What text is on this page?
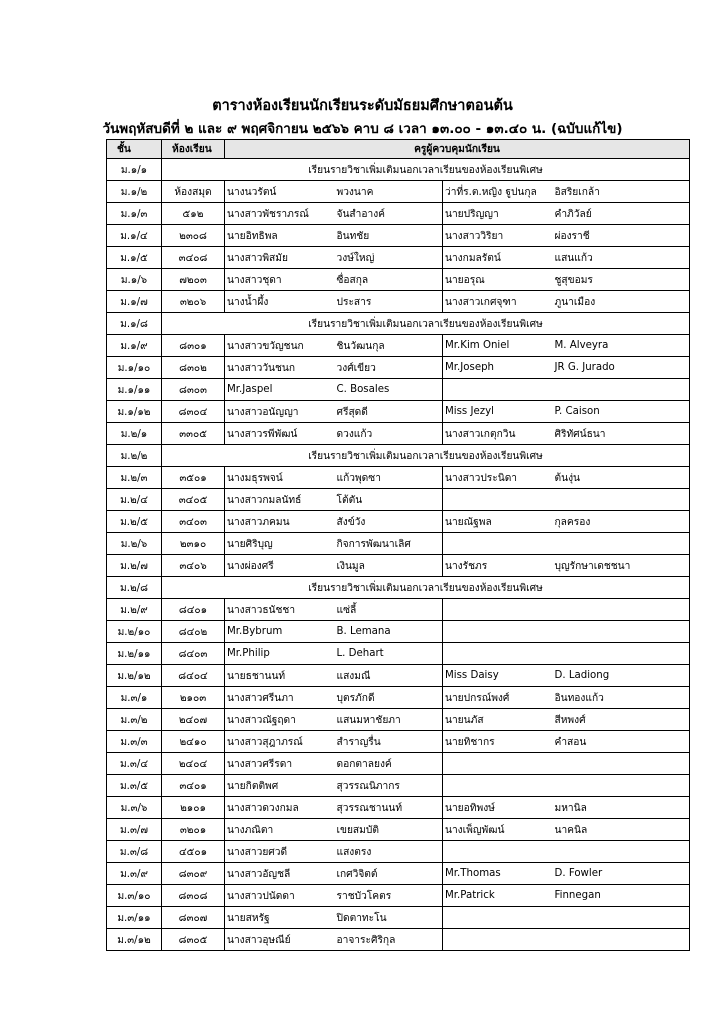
ตารางห้องเรียนนักเรียนระดับมัธยมศึกษาตอนต้น
วันพฤหัสบดีที่ ๒ และ ๙ พฤศจิกายน ๒๕๖๖ คาบ ๘ เวลา ๑๓.๐๐ - ๑๓.๔๐ น. (ฉบับแก้ไข)
ชั้น	ห้องเรียน	ครูผู้ควบคุมนักเรียน			
ม.๑/๑	เรียนรายวิชาเพิ่มเติมนอกเวลาเรียนของห้องเรียนพิเศษ				
ม.๑/๒	ห้องสมุด	นางนวรัตน์	พวงนาค	ว่าที่ร.ต.หญิง ฐูปนกุล	อิสริยเกล้า
ม.๑/๓	๕๑๒	นางสาวพัชราภรณ์	จันสำอางค์	นายปริญญา	คำภิวัลย์
ม.๑/๔	๒๓๐๘	นายอิทธิพล	อินทชัย	นางสาววิริยา	ผ่องราชี
ม.๑/๕	๓๔๐๘	นางสาวพิสมัย	วงษ์ใหญ่	นางกมลรัตน์	แสนแก้ว
ม.๑/๖	๗๒๐๓	นางสาวชุดา	ซื่อสกุล	นายอรุณ	ชูสุขอมร
ม.๑/๗	๓๒๐๖	นางน้ำผึ้ง	ประสาร	นางสาวเกศจุฑา	ภูนาเมือง
ม.๑/๘	เรียนรายวิชาเพิ่มเติมนอกเวลาเรียนของห้องเรียนพิเศษ				
ม.๑/๙	๘๓๐๑	นางสาวขวัญชนก	ชินวัฒนกุล	Mr.Kim Oniel	M. Alveyra
ม.๑/๑๐	๘๓๐๒	นางสาววันชนก	วงศ์เขียว	Mr.Joseph	JR G. Jurado
ม.๑/๑๑	๘๓๐๓	Mr.Jaspel	C. Bosales		
ม.๑/๑๒	๘๓๐๔	นางสาวอนัญญา	ศรีสุดดี	Miss Jezyl	P. Caison
ม.๒/๑	๓๓๐๕	นางสาวรพีพัฒน์	ดวงแก้ว	นางสาวเกตุกวิน	ศิริทัศน์ธนา
ม.๒/๒	เรียนรายวิชาเพิ่มเติมนอกเวลาเรียนของห้องเรียนพิเศษ				
ม.๒/๓	๓๕๐๑	นางมธุรพจน์	แก้วพุดซา	นางสาวประนิดา	ต้นงุ่น
ม.๒/๔	๓๔๐๕	นางสาวกมลนัทธ์	โต้ตัน		
ม.๒/๕	๓๔๐๓	นางสาวภคมน	สังข์วัง	นายณัฐพล	กุลครอง
ม.๒/๖	๒๓๑๐	นายศิริบุญ	กิจการพัฒนาเลิศ		
ม.๒/๗	๓๔๐๖	นางผ่องศรี	เงินมูล	นางรัชภร	บุญรักษาเดชชนา
ม.๒/๘	เรียนรายวิชาเพิ่มเติมนอกเวลาเรียนของห้องเรียนพิเศษ				
ม.๒/๙	๘๔๐๑	นางสาวธนัชชา	แซ่ลี้		
ม.๒/๑๐	๘๔๐๒	Mr.Bybrum	B. Lemana		
ม.๒/๑๑	๘๔๐๓	Mr.Philip	L. Dehart		
ม.๒/๑๒	๘๔๐๔	นายธชานนท์	แสงมณี	Miss Daisy	D. Ladiong
ม.๓/๑	๒๑๐๓	นางสาวศรีนภา	บุตรภักดี	นายปกรณ์พงศ์	อินทองแก้ว
ม.๓/๒	๒๔๐๗	นางสาวณัฐฤดา	แสนมหาชัยภา	นายนภัส	สีหพงศ์
ม.๓/๓	๒๔๑๐	นางสาวสุฎาภรณ์	สำราญรื่น	นายทิชากร	คำสอน
ม.๓/๔	๒๔๐๔	นางสาวศรีรดา	ดอกตาลยงค์		
ม.๓/๕	๓๔๐๑	นายกิตติพศ	สุวรรณนิภากร		
ม.๓/๖	๒๑๐๑	นางสาวดวงกมล	สุวรรณชานนท์	นายอทิพงษ์	มหานิล
ม.๓/๗	๓๒๐๑	นางภณิตา	เขยสมบัติ	นางเพ็ญพัฒน์	นาคนิล
ม.๓/๘	๔๕๐๑	นางสาวยศวดี	แสงตรง		
ม.๓/๙	๘๓๐๙	นางสาวอัญชลี	เกศวิจิตต์	Mr.Thomas	D. Fowler
ม.๓/๑๐	๘๓๐๘	นางสาวปนัดดา	ราชบัวโคตร	Mr.Patrick	Finnegan
ม.๓/๑๑	๘๓๐๗	นายสหรัฐ	ปิดตาทะโน		
ม.๓/๑๒	๘๓๐๕	นางสาวอุษณีย์	อาจาระศิริกุล		
